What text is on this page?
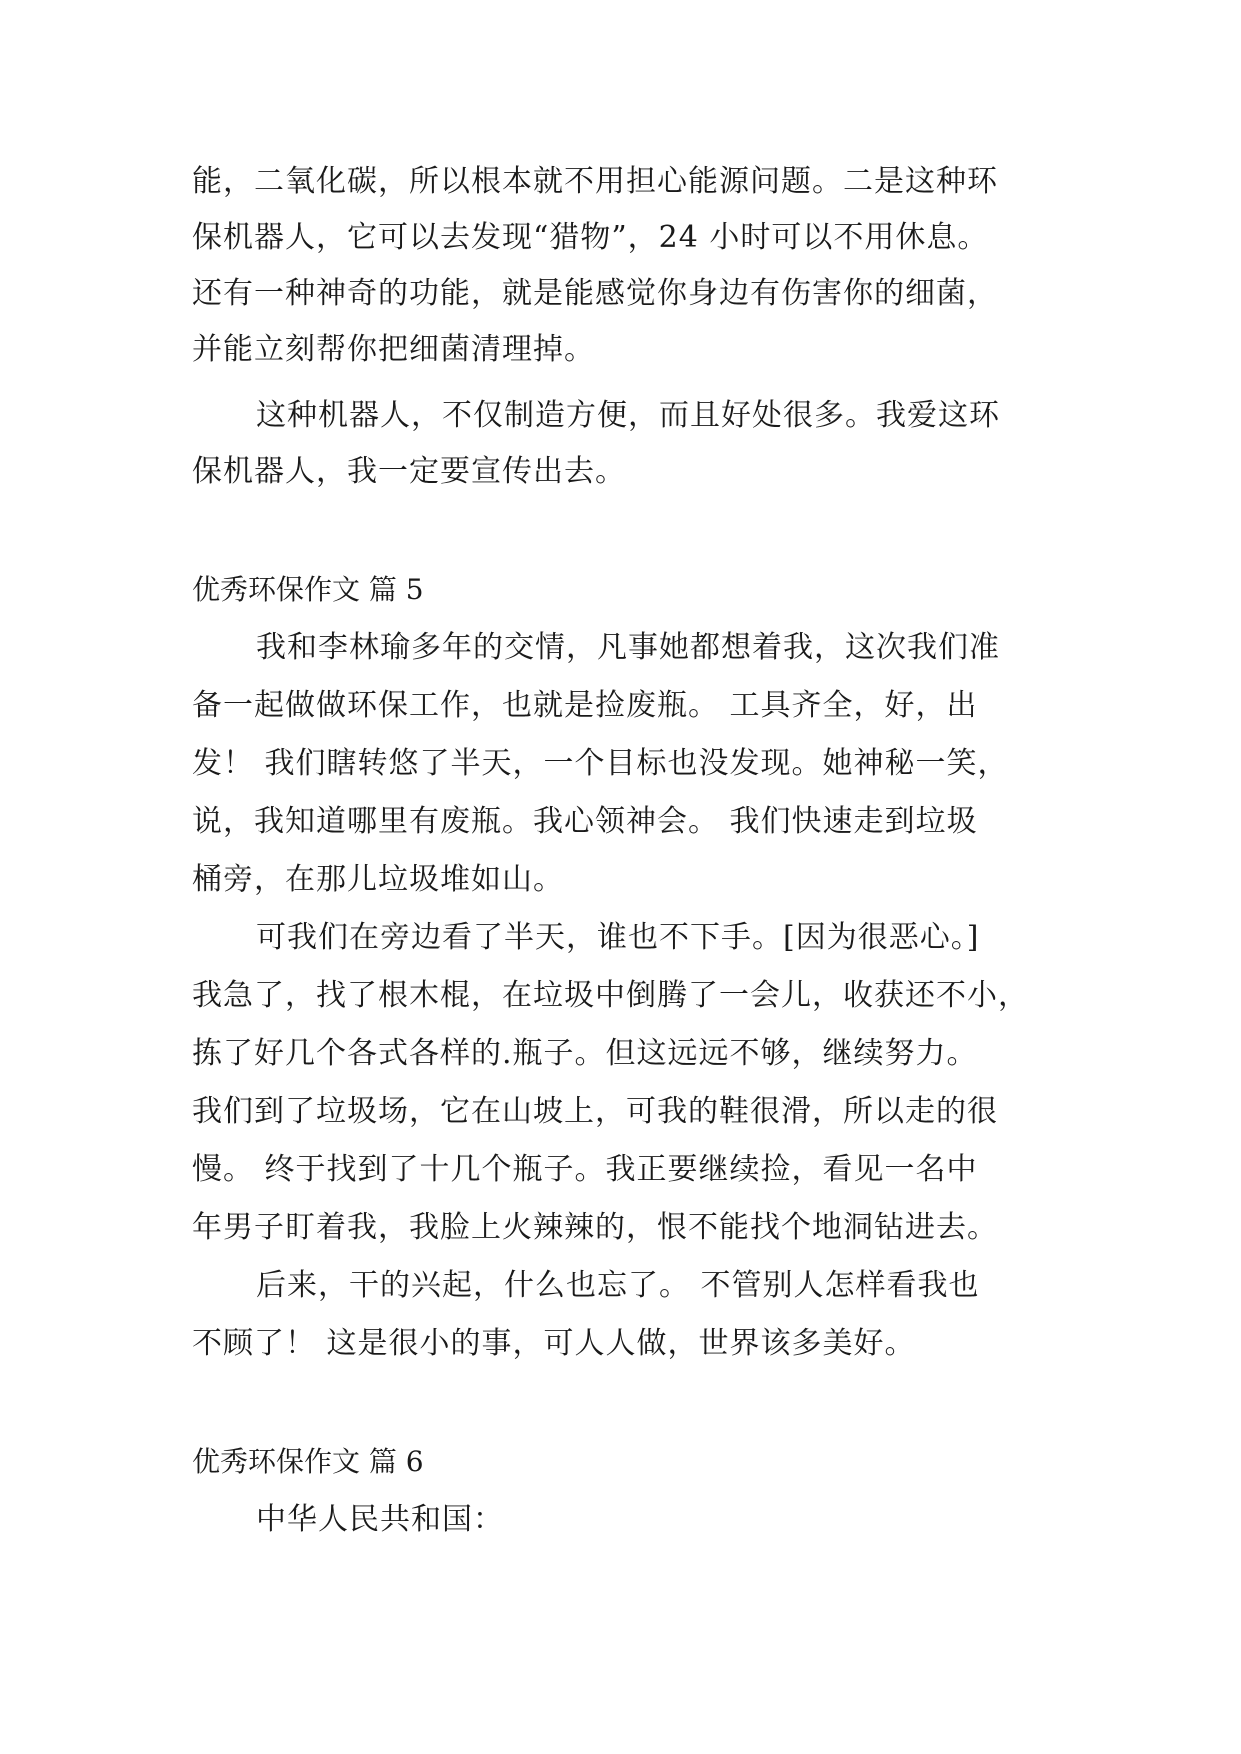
能，二氧化碳，所以根本就不用担心能源问题。二是这种环
保机器人，它可以去发现“猎物”，24 小时可以不用休息。
还有一种神奇的功能，就是能感觉你身边有伤害你的细菌，
并能立刻帮你把细菌清理掉。
这种机器人，不仅制造方便，而且好处很多。我爱这环
保机器人，我一定要宣传出去。
优秀环保作文 篇 5
我和李林瑜多年的交情，凡事她都想着我，这次我们准
备一起做做环保工作，也就是捡废瓶。 工具齐全，好，出
发！ 我们瞎转悠了半天，一个目标也没发现。她神秘一笑，
说，我知道哪里有废瓶。我心领神会。 我们快速走到垃圾
桶旁，在那儿垃圾堆如山。
可我们在旁边看了半天，谁也不下手。[因为很恶心。]
我急了，找了根木棍，在垃圾中倒腾了一会儿，收获还不小，
拣了好几个各式各样的.瓶子。但这远远不够，继续努力。
我们到了垃圾场，它在山坡上，可我的鞋很滑，所以走的很
慢。 终于找到了十几个瓶子。我正要继续捡，看见一名中
年男子盯着我，我脸上火辣辣的，恨不能找个地洞钻进去。
后来，干的兴起，什么也忘了。 不管别人怎样看我也
不顾了！ 这是很小的事，可人人做，世界该多美好。
优秀环保作文 篇 6
中华人民共和国：
